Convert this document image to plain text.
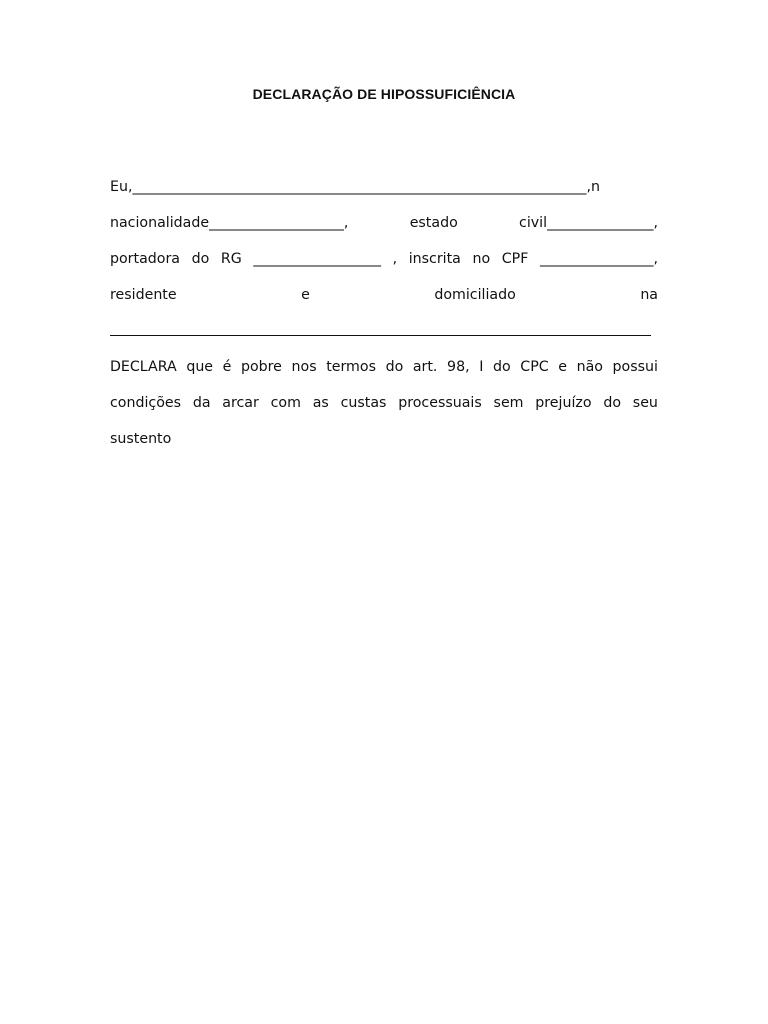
DECLARAÇÃO DE HIPOSSUFICIÊNCIA
Eu,________________________________________________________________,n
nacionalidade___________________,	estado	civil_______________,
portadora do RG __________________ , inscrita no CPF ________________,
residente	e	domiciliado	na
DECLARA que é pobre nos termos do art. 98, I do CPC e não possui
condições da arcar com as custas processuais sem prejuízo do seu
sustento
